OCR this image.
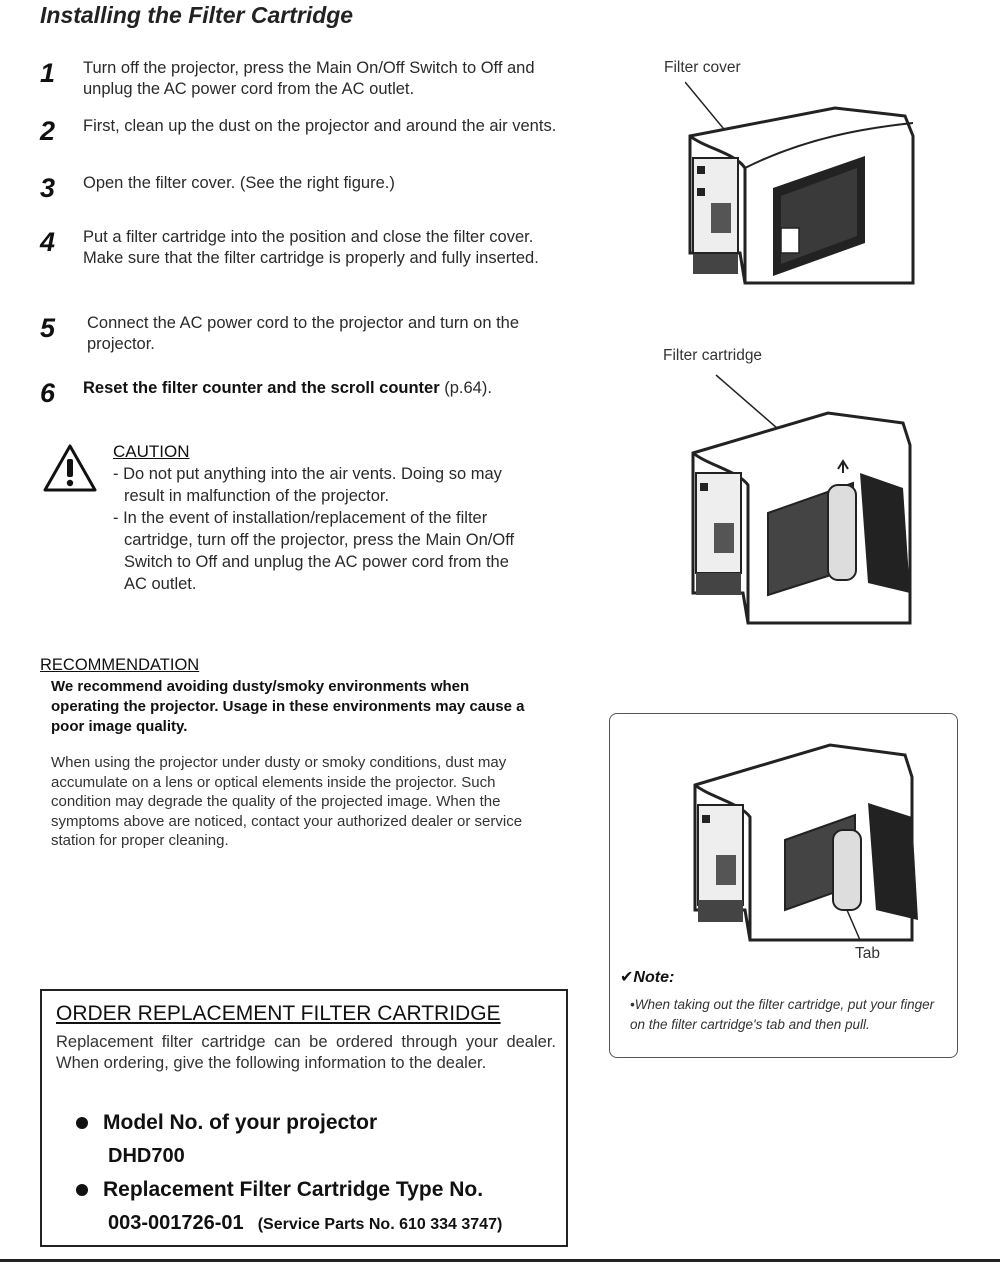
Installing the Filter Cartridge
1 Turn off the projector, press the Main On/Off Switch to Off and unplug the AC power cord from the AC outlet.
2 First, clean up the dust on the projector and around the air vents.
3 Open the filter cover. (See the right figure.)
4 Put a filter cartridge into the position and close the filter cover. Make sure that the filter cartridge is properly and fully inserted.
5 Connect the AC power cord to the projector and turn on the projector.
6 Reset the filter counter and the scroll counter (p.64).
CAUTION
- Do not put anything into the air vents. Doing so may result in malfunction of the projector.
- In the event of installation/replacement of the filter cartridge, turn off the projector, press the Main On/Off Switch to Off and unplug the AC power cord from the AC outlet.
RECOMMENDATION
We recommend avoiding dusty/smoky environments when operating the projector. Usage in these environments may cause a poor image quality.
When using the projector under dusty or smoky conditions, dust may accumulate on a lens or optical elements inside the projector. Such condition may degrade the quality of the projected image. When the symptoms above are noticed, contact your authorized dealer or service station for proper cleaning.
ORDER REPLACEMENT FILTER CARTRIDGE
Replacement filter cartridge can be ordered through your dealer. When ordering, give the following information to the dealer.
Model No. of your projector
DHD700
Replacement Filter Cartridge Type No.
003-001726-01 (Service Parts No. 610 334 3747)
Filter cover
Filter cartridge
Tab
✔Note:
•When taking out the filter cartridge, put your finger on the filter cartridge's tab and then pull.
